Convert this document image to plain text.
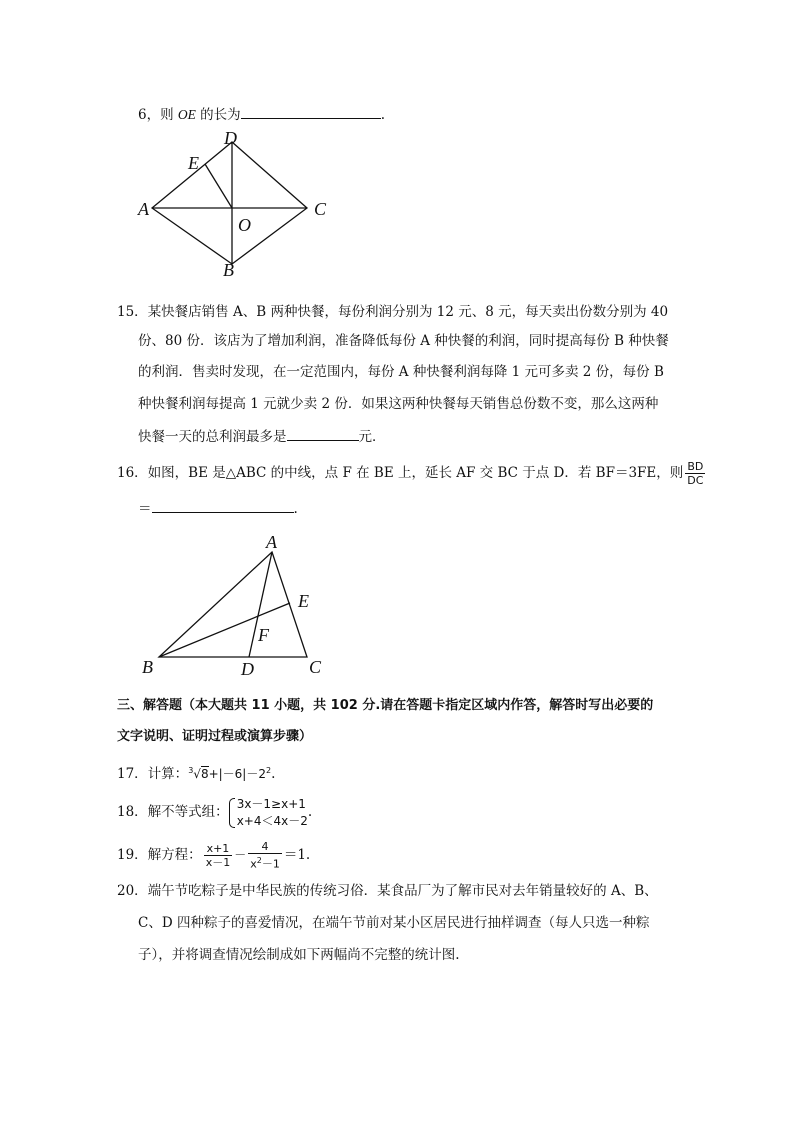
6，则 OE 的长为	.
D
E
A	C
O
B
15．某快餐店销售 A、B 两种快餐，每份利润分别为 12 元、8 元，每天卖出份数分别为 40
份、80 份．该店为了增加利润，准备降低每份 A 种快餐的利润，同时提高每份 B 种快餐
的利润．售卖时发现，在一定范围内，每份 A 种快餐利润每降 1 元可多卖 2 份，每份 B
种快餐利润每提高 1 元就少卖 2 份．如果这两种快餐每天销售总份数不变，那么这两种
快餐一天的总利润最多是	元．
16．如图，BE 是△ABC 的中线，点 F 在 BE 上，延长 AF 交 BC 于点 D．若 BF＝3FE，则 $\frac{BD}{DC}$
＝	.
A
E
F
B	D	C
三、解答题（本大题共 11 小题，共 102 分.请在答题卡指定区域内作答，解答时写出必要的
文字说明、证明过程或演算步骤）
17．计算：$^3√8+|-6|-2^2$.
18．解不等式组：
3x－1≥x+1
x+4＜4x－2
.
19．解方程： $\frac{x+1}{x-1} - \frac{4}{x^2-1} =1$.
20．端午节吃粽子是中华民族的传统习俗．某食品厂为了解市民对去年销量较好的 A、B、
C、D 四种粽子的喜爱情况，在端午节前对某小区居民进行抽样调查（每人只选一种粽
子），并将调查情况绘制成如下两幅尚不完整的统计图.
